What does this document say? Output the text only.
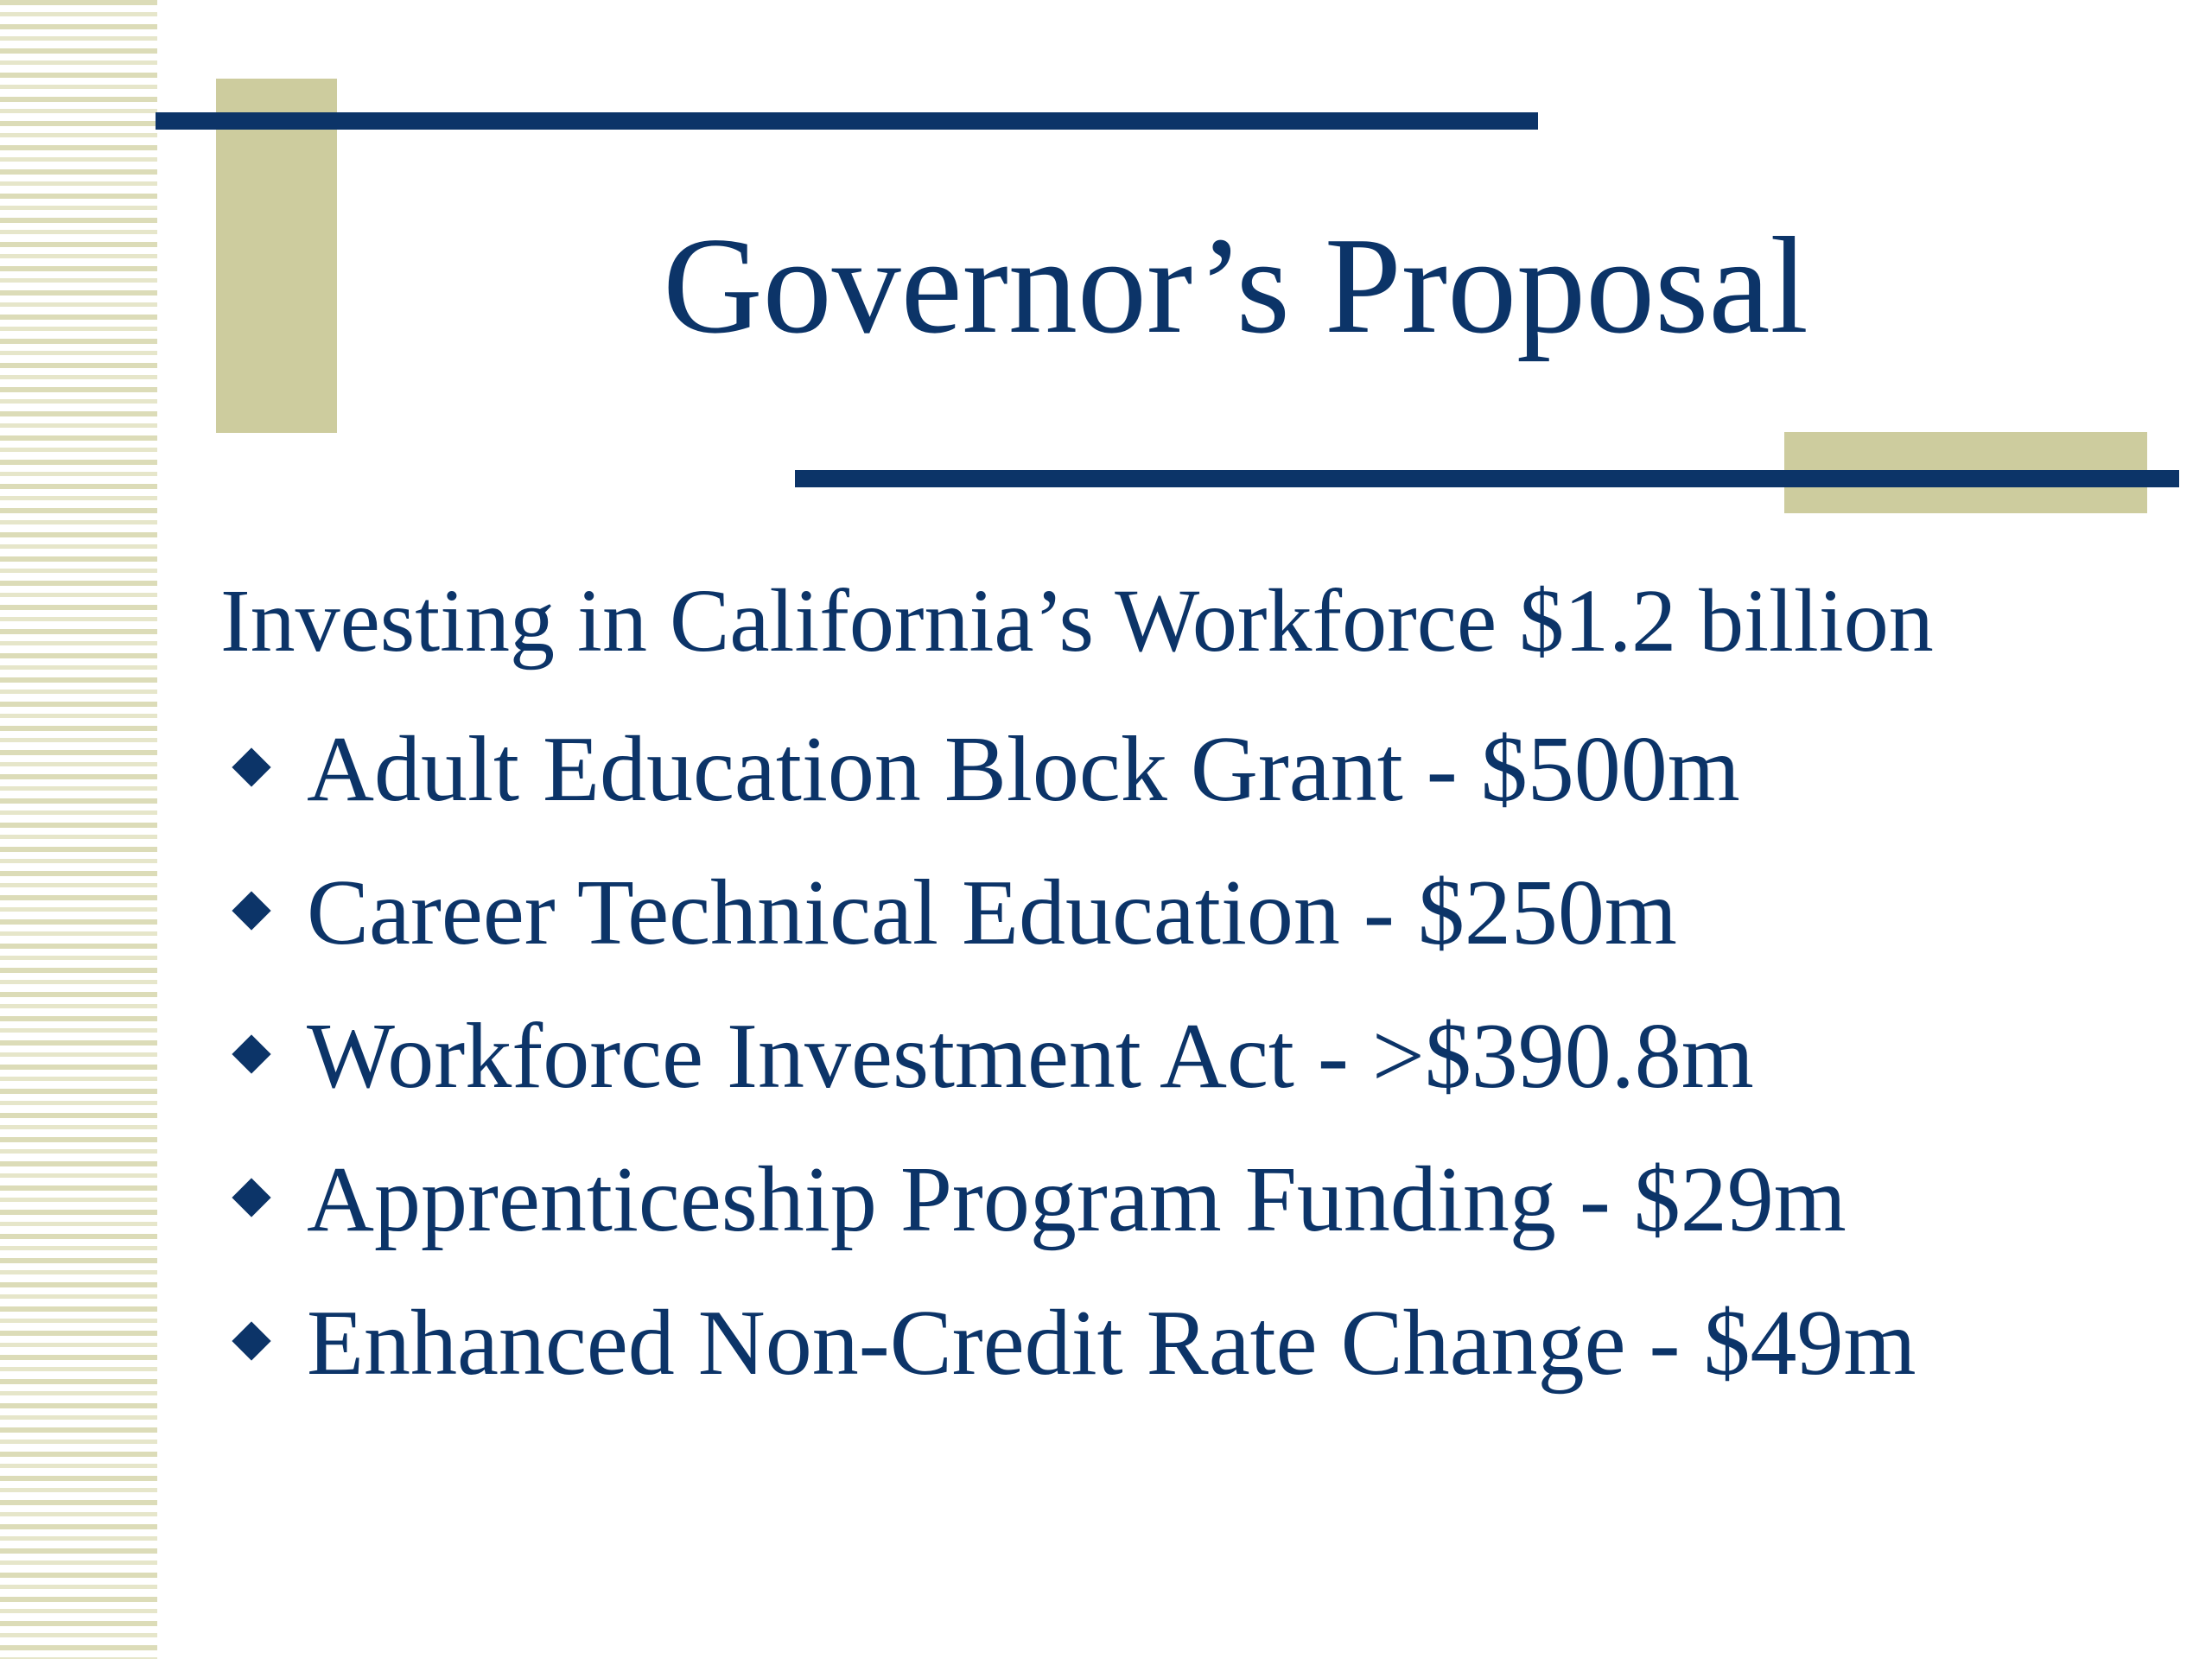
Governor’s Proposal

Investing in California’s Workforce $1.2 billion

Adult Education Block Grant - $500m
Career Technical Education - $250m
Workforce Investment Act - >$390.8m
Apprenticeship Program Funding - $29m
Enhanced Non-Credit Rate Change - $49m
